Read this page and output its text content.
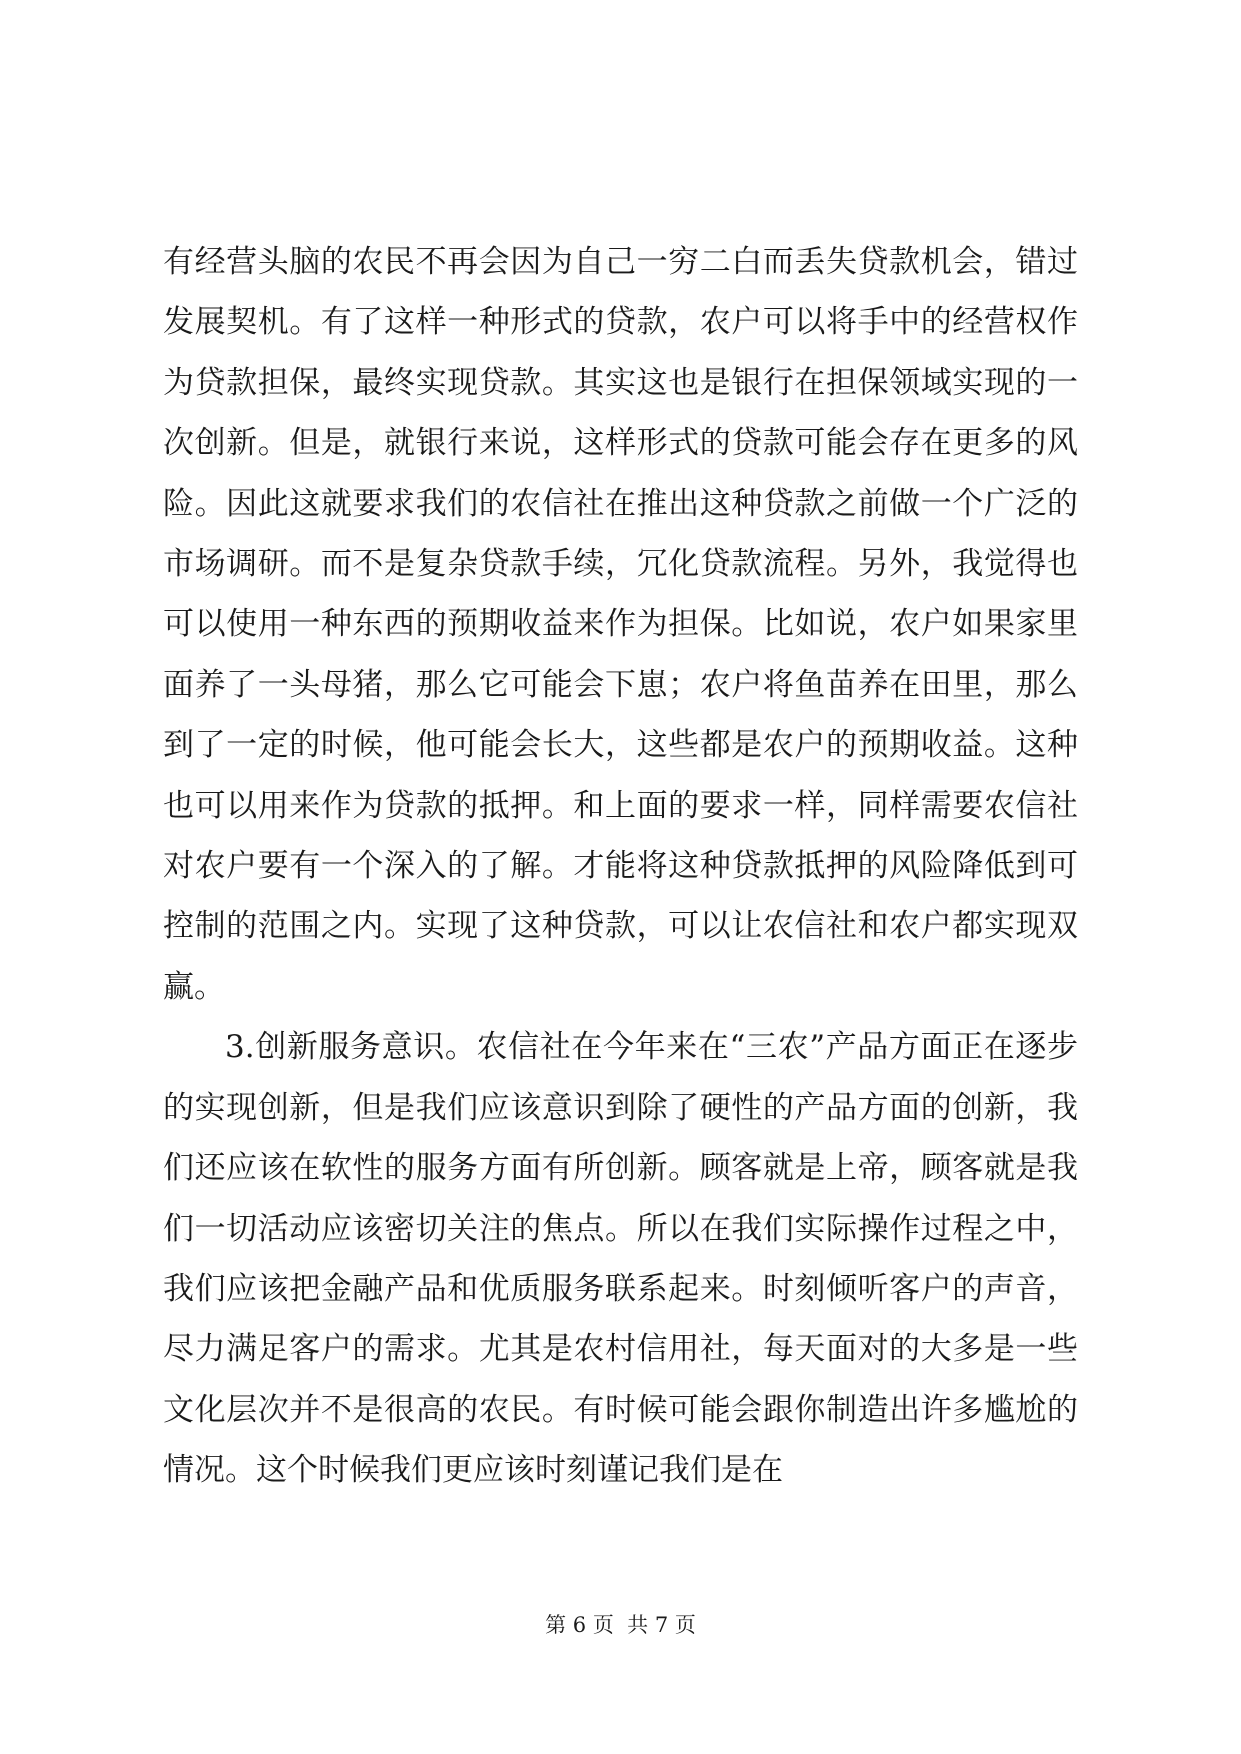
有经营头脑的农民不再会因为自己一穷二白而丢失贷款机会，错过发展契机。有了这样一种形式的贷款，农户可以将手中的经营权作为贷款担保，最终实现贷款。其实这也是银行在担保领域实现的一次创新。但是，就银行来说，这样形式的贷款可能会存在更多的风险。因此这就要求我们的农信社在推出这种贷款之前做一个广泛的市场调研。而不是复杂贷款手续，冗化贷款流程。另外，我觉得也可以使用一种东西的预期收益来作为担保。比如说，农户如果家里面养了一头母猪，那么它可能会下崽；农户将鱼苗养在田里，那么到了一定的时候，他可能会长大，这些都是农户的预期收益。这种也可以用来作为贷款的抵押。和上面的要求一样，同样需要农信社对农户要有一个深入的了解。才能将这种贷款抵押的风险降低到可控制的范围之内。实现了这种贷款，可以让农信社和农户都实现双赢。

3.创新服务意识。农信社在今年来在“三农”产品方面正在逐步的实现创新，但是我们应该意识到除了硬性的产品方面的创新，我们还应该在软性的服务方面有所创新。顾客就是上帝，顾客就是我们一切活动应该密切关注的焦点。所以在我们实际操作过程之中，我们应该把金融产品和优质服务联系起来。时刻倾听客户的声音，尽力满足客户的需求。尤其是农村信用社，每天面对的大多是一些文化层次并不是很高的农民。有时候可能会跟你制造出许多尴尬的情况。这个时候我们更应该时刻谨记我们是在

第 6 页  共 7 页
